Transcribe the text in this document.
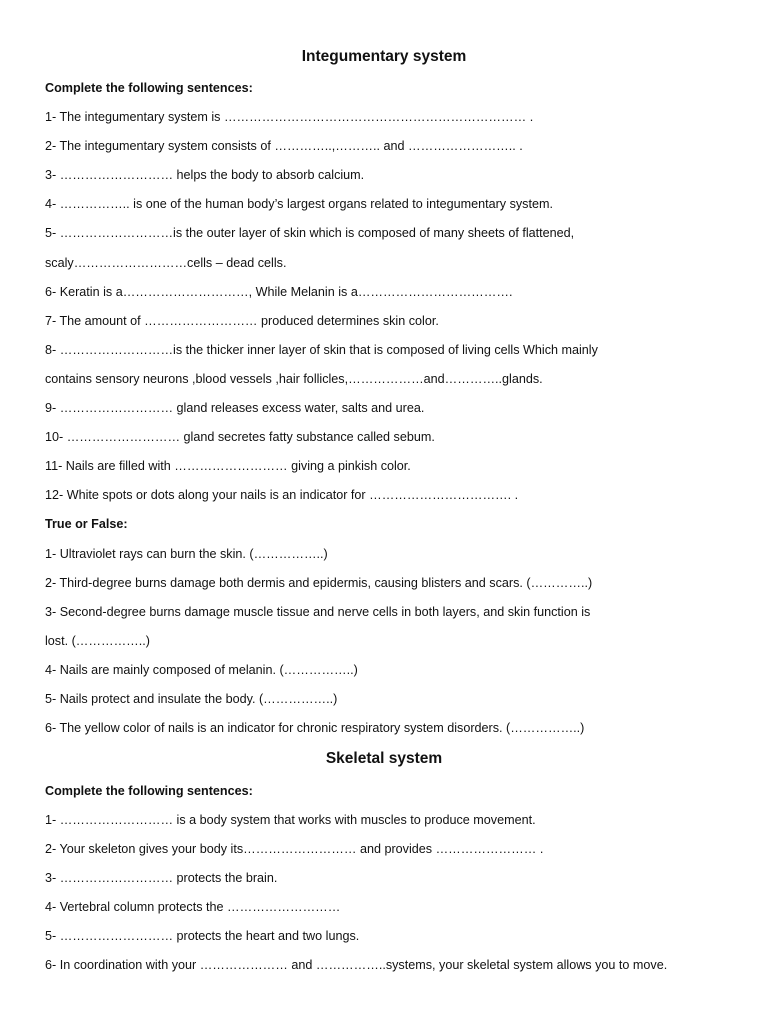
Integumentary system
Complete the following sentences:
1- The integumentary system is ……………………………………………………………… .
2- The integumentary system consists of …………..,……….. and …………………….. .
3- ……………………… helps the body to absorb calcium.
4- …………….. is one of the human body’s largest organs related to integumentary system.
5- ………………………is the outer layer of skin which is composed of many sheets of flattened,
scaly………………………cells – dead cells.
6- Keratin is a…………………………, While Melanin is a……………………………….
7- The amount of ……………………… produced determines skin color.
8- ………………………is the thicker inner layer of skin that is composed of living cells Which mainly
contains sensory neurons ,blood vessels ,hair follicles,………………and…………..glands.
9- ……………………… gland releases excess water, salts and urea.
10- ……………………… gland secretes fatty substance called sebum.
11- Nails are filled with ……………………… giving a pinkish color.
12- White spots or dots along your nails is an indicator for ……………………………. .
True or False:
1- Ultraviolet rays can burn the skin. (……………..)
2- Third-degree burns damage both dermis and epidermis, causing blisters and scars. (…………..)
3- Second-degree burns damage muscle tissue and nerve cells in both layers, and skin function is
lost. (……………..)
4- Nails are mainly composed of melanin. (……………..)
5- Nails protect and insulate the body. (……………..)
6- The yellow color of nails is an indicator for chronic respiratory system disorders. (……………..)
Skeletal system
Complete the following sentences:
1- ……………………… is a body system that works with muscles to produce movement.
2- Your skeleton gives your body its……………………… and provides …………………… .
3- ……………………… protects the brain.
4- Vertebral column protects the ………………………
5- ……………………… protects the heart and two lungs.
6- In coordination with your ………………… and ……………..systems, your skeletal system allows you to move.
